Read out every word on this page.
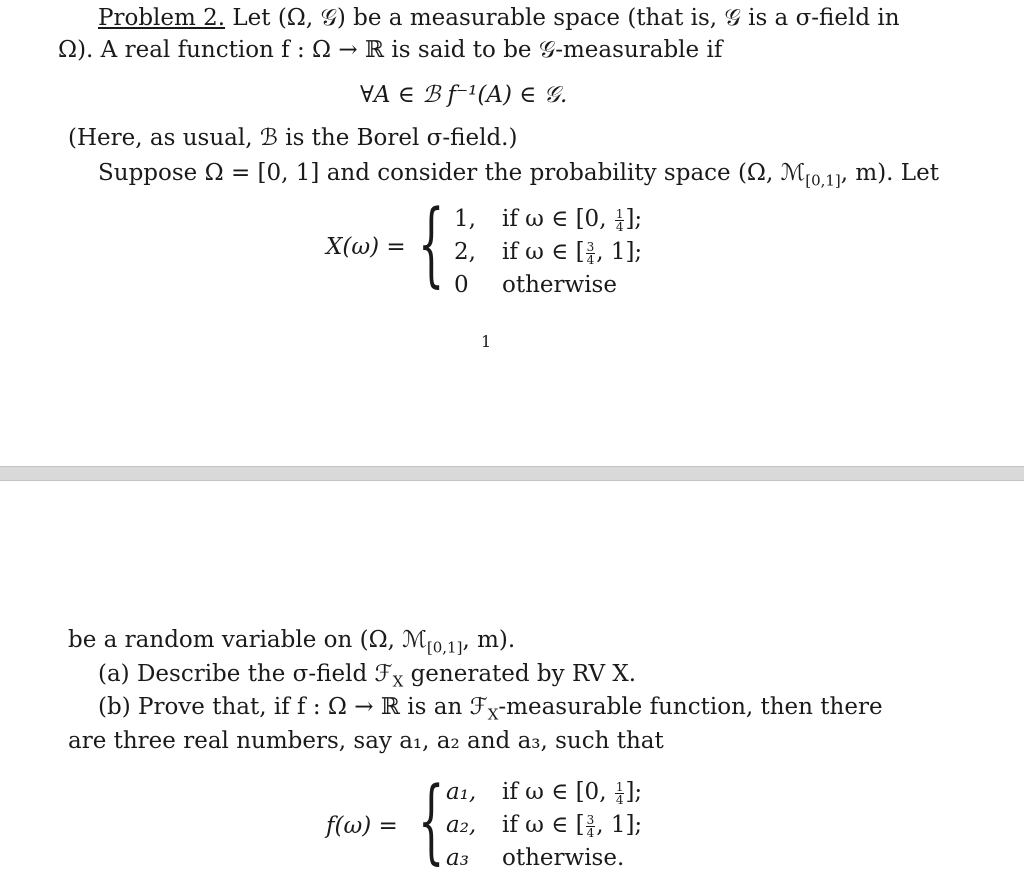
Problem 2. Let (Ω, 𝒢) be a measurable space (that is, 𝒢 is a σ-field in
Ω). A real function f : Ω → ℝ is said to be 𝒢-measurable if
∀A ∈ ℬ f⁻¹(A) ∈ 𝒢.
(Here, as usual, ℬ is the Borel σ-field.)
Suppose Ω = [0, 1] and consider the probability space (Ω, ℳ$_{[0,1]}$, m). Let
X(ω) = { 1, if ω ∈ [0, $\frac{1}{4}$ ];
2, if ω ∈ [ $\frac{3}{4}$ , 1];
0 otherwise
1
be a random variable on (Ω, ℳ$_{[0,1]}$, m).
(a) Describe the σ-field ℱ$_X$ generated by RV X.
(b) Prove that, if f : Ω → ℝ is an ℱ$_X$-measurable function, then there
are three real numbers, say a₁, a₂ and a₃, such that
f(ω) = { a₁, if ω ∈ [0, $\frac{1}{4}$ ];
a₂, if ω ∈ [ $\frac{3}{4}$ , 1];
a₃ otherwise.
